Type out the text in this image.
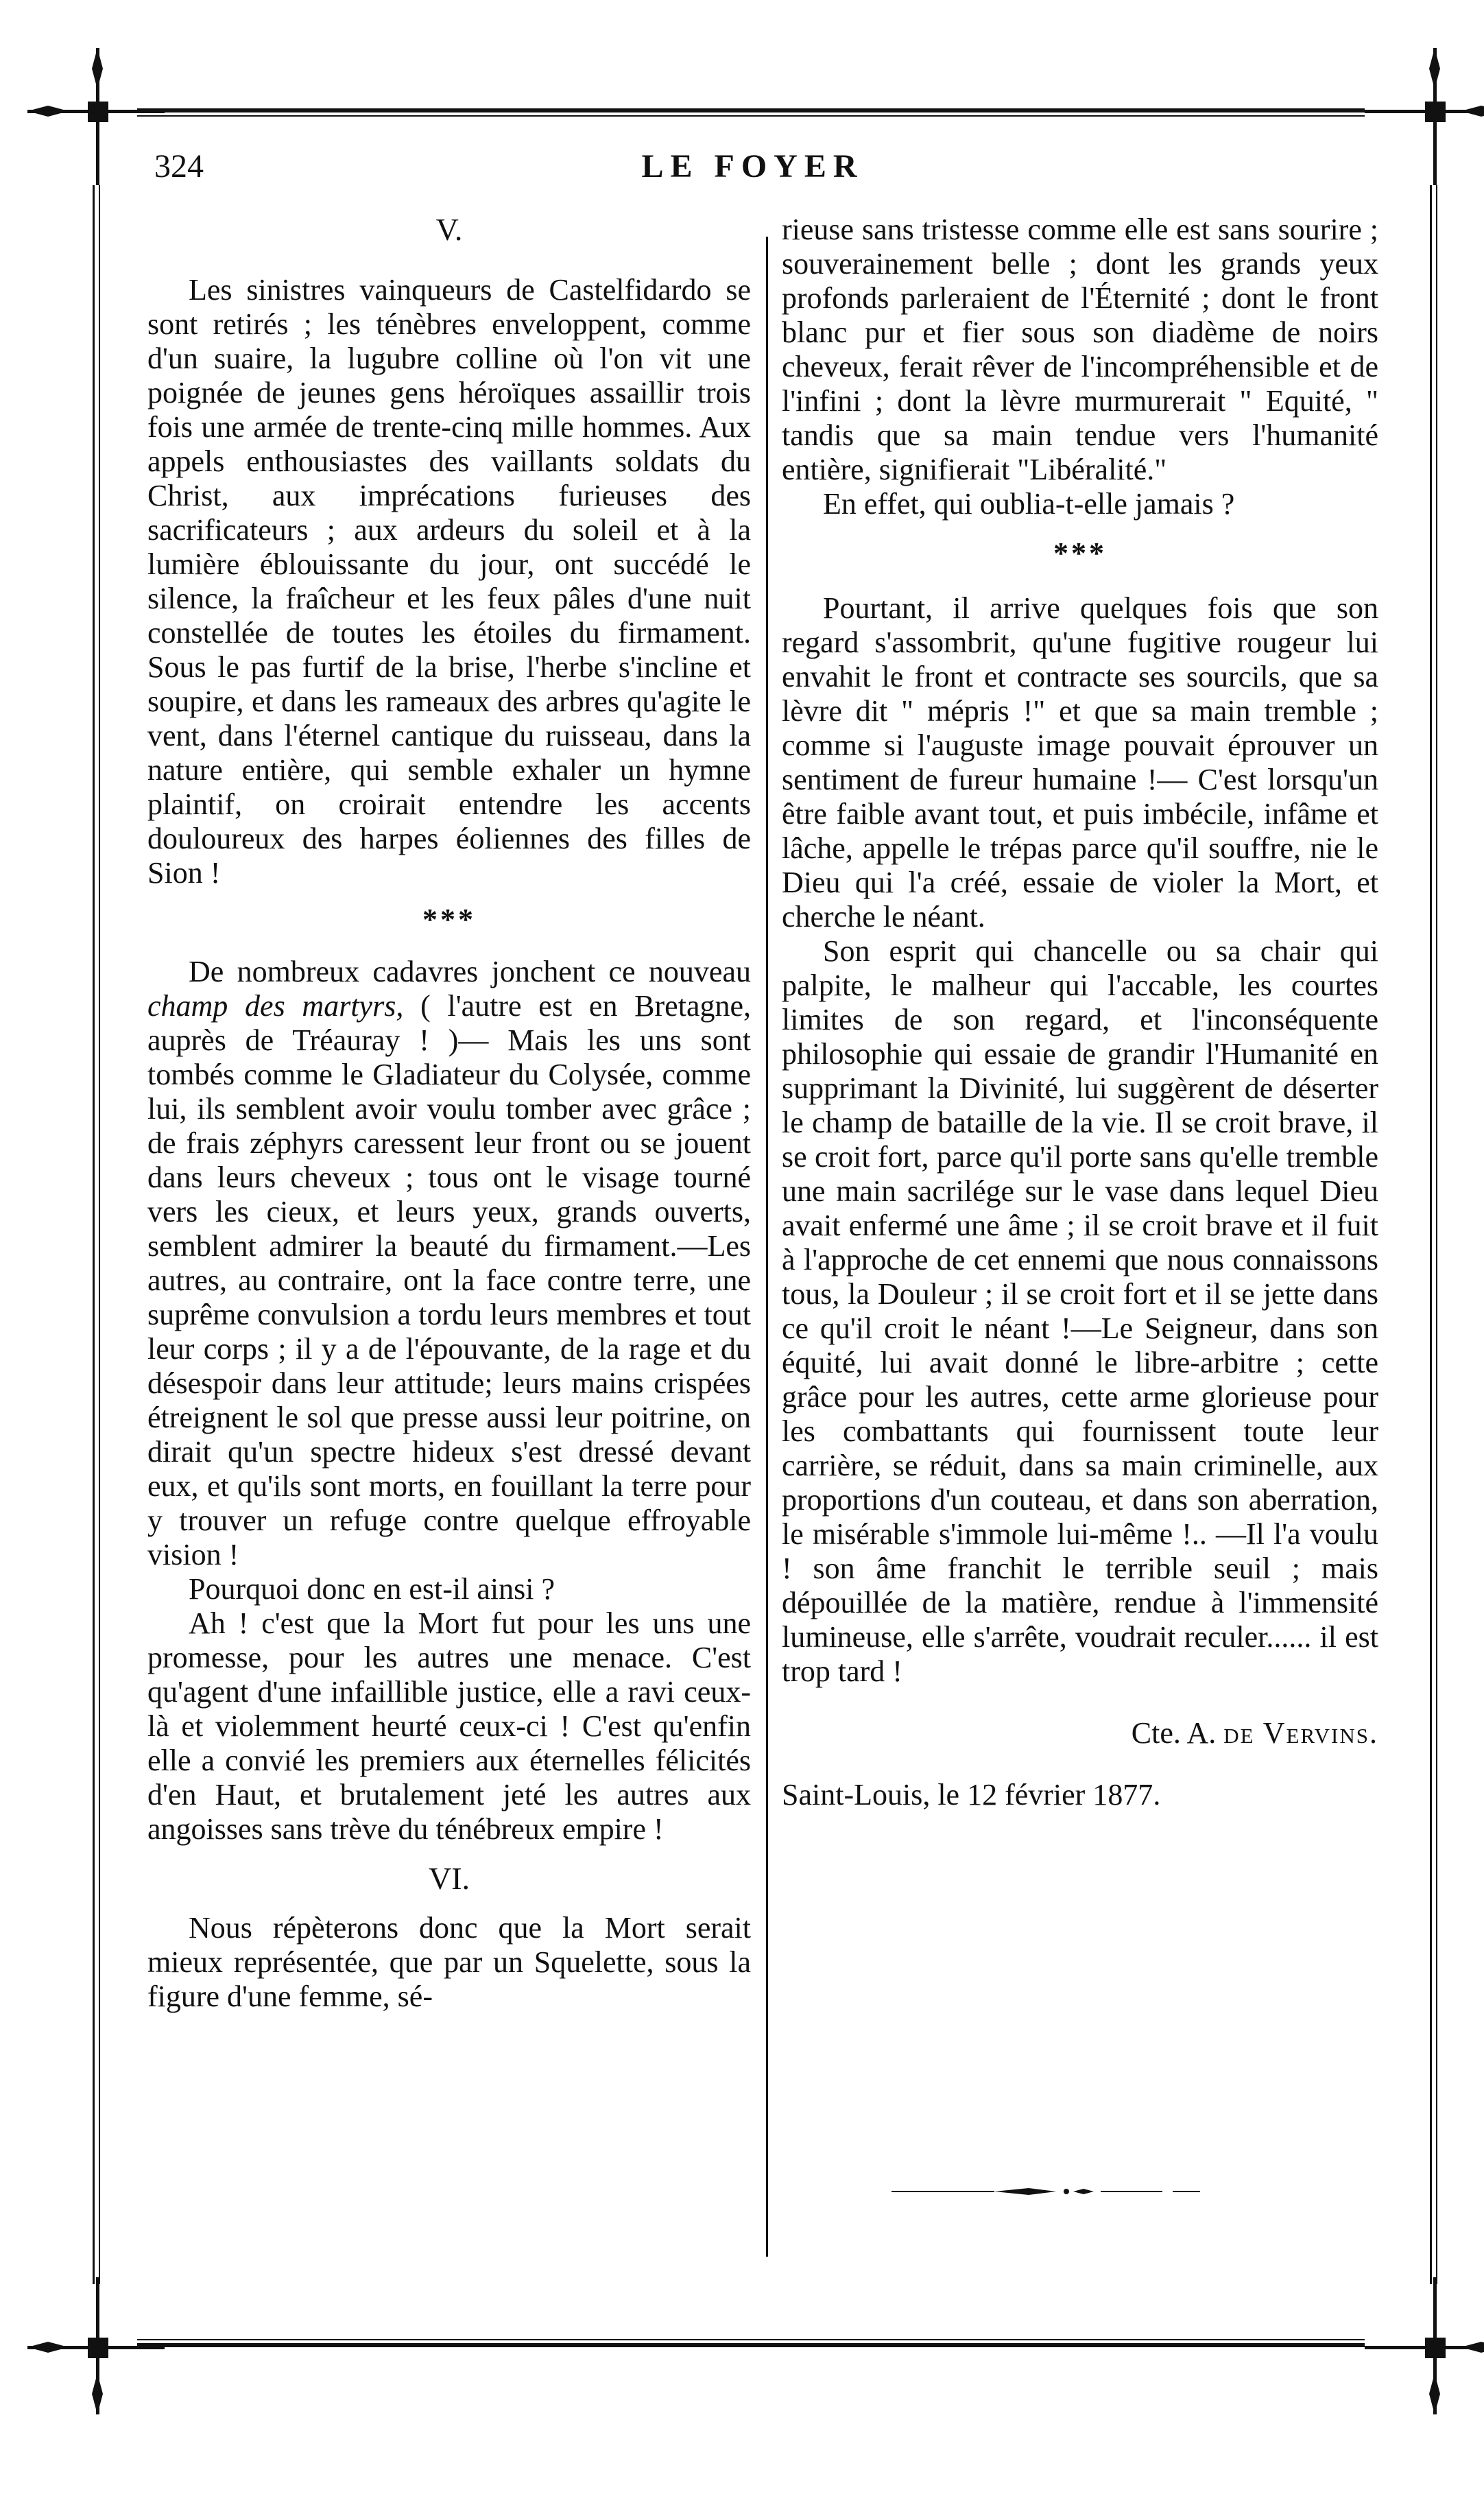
324	LE FOYER
V.

Les sinistres vainqueurs de Castelfidardo se sont retirés ; les ténèbres enveloppent, comme d'un suaire, la lugubre colline où l'on vit une poignée de jeunes gens héroïques assaillir trois fois une armée de trente-cinq mille hommes. Aux appels enthousiastes des vaillants soldats du Christ, aux imprécations furieuses des sacrificateurs ; aux ardeurs du soleil et à la lumière éblouissante du jour, ont succédé le silence, la fraîcheur et les feux pâles d'une nuit constellée de toutes les étoiles du firmament. Sous le pas furtif de la brise, l'herbe s'incline et soupire, et dans les rameaux des arbres qu'agite le vent, dans l'éternel cantique du ruisseau, dans la nature entière, qui semble exhaler un hymne plaintif, on croirait entendre les accents douloureux des harpes éoliennes des filles de Sion !

***

De nombreux cadavres jonchent ce nouveau champ des martyrs, ( l'autre est en Bretagne, auprès de Tréauray ! )— Mais les uns sont tombés comme le Gladiateur du Colysée, comme lui, ils semblent avoir voulu tomber avec grâce ; de frais zéphyrs caressent leur front ou se jouent dans leurs cheveux ; tous ont le visage tourné vers les cieux, et leurs yeux, grands ouverts, semblent admirer la beauté du firmament.—Les autres, au contraire, ont la face contre terre, une suprême convulsion a tordu leurs membres et tout leur corps ; il y a de l'épouvante, de la rage et du désespoir dans leur attitude; leurs mains crispées étreignent le sol que presse aussi leur poitrine, on dirait qu'un spectre hideux s'est dressé devant eux, et qu'ils sont morts, en fouillant la terre pour y trouver un refuge contre quelque effroyable vision !

Pourquoi donc en est-il ainsi ?

Ah ! c'est que la Mort fut pour les uns une promesse, pour les autres une menace. C'est qu'agent d'une infaillible justice, elle a ravi ceux-là et violemment heurté ceux-ci ! C'est qu'enfin elle a convié les premiers aux éternelles félicités d'en Haut, et brutalement jeté les autres aux angoisses sans trève du ténébreux empire !

VI.

Nous répèterons donc que la Mort serait mieux représentée, que par un Squelette, sous la figure d'une femme, sé-

rieuse sans tristesse comme elle est sans sourire ; souverainement belle ; dont les grands yeux profonds parleraient de l'Éternité ; dont le front blanc pur et fier sous son diadème de noirs cheveux, ferait rêver de l'incompréhensible et de l'infini ; dont la lèvre murmurerait " Equité, " tandis que sa main tendue vers l'humanité entière, signifierait "Libéralité."

En effet, qui oublia-t-elle jamais ?

***

Pourtant, il arrive quelques fois que son regard s'assombrit, qu'une fugitive rougeur lui envahit le front et contracte ses sourcils, que sa lèvre dit " mépris !" et que sa main tremble ; comme si l'auguste image pouvait éprouver un sentiment de fureur humaine !— C'est lorsqu'un être faible avant tout, et puis imbécile, infâme et lâche, appelle le trépas parce qu'il souffre, nie le Dieu qui l'a créé, essaie de violer la Mort, et cherche le néant.

Son esprit qui chancelle ou sa chair qui palpite, le malheur qui l'accable, les courtes limites de son regard, et l'inconséquente philosophie qui essaie de grandir l'Humanité en supprimant la Divinité, lui suggèrent de déserter le champ de bataille de la vie. Il se croit brave, il se croit fort, parce qu'il porte sans qu'elle tremble une main sacrilége sur le vase dans lequel Dieu avait enfermé une âme ; il se croit brave et il fuit à l'approche de cet ennemi que nous connaissons tous, la Douleur ; il se croit fort et il se jette dans ce qu'il croit le néant !—Le Seigneur, dans son équité, lui avait donné le libre-arbitre ; cette grâce pour les autres, cette arme glorieuse pour les combattants qui fournissent toute leur carrière, se réduit, dans sa main criminelle, aux proportions d'un couteau, et dans son aberration, le misérable s'immole lui-même !.. —Il l'a voulu ! son âme franchit le terrible seuil ; mais dépouillée de la matière, rendue à l'immensité lumineuse, elle s'arrête, voudrait reculer...... il est trop tard !

Cte. A. de Vervins.

Saint-Louis, le 12 février 1877.
